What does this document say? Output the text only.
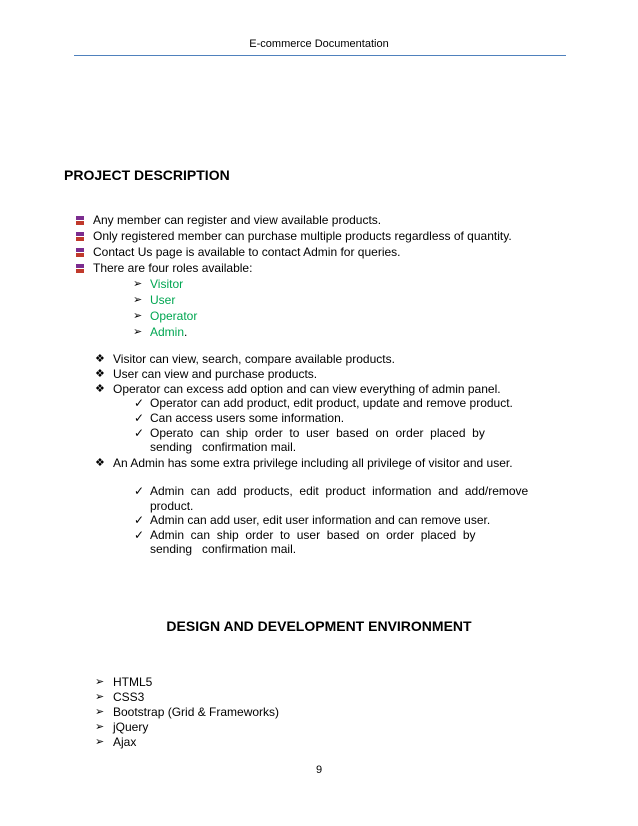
E-commerce Documentation
PROJECT DESCRIPTION
Any member can register and view available products.
Only registered member can purchase multiple products regardless of quantity.
Contact Us page is available to contact Admin for queries.
There are four roles available:
➢ Visitor
➢ User
➢ Operator
➢ Admin.
❖ Visitor can view, search, compare available products.
❖ User can view and purchase products.
❖ Operator can excess add option and can view everything of admin panel.
✓ Operator can add product, edit product, update and remove product.
✓ Can access users some information.
✓ Operato  can  ship  order  to  user  based  on  order  placed  by
sending   confirmation mail.
❖ An Admin has some extra privilege including all privilege of visitor and user.
✓ Admin  can  add  products,  edit  product  information  and  add/remove
product.
✓ Admin can add user, edit user information and can remove user.
✓ Admin  can  ship  order  to  user  based  on  order  placed  by
sending   confirmation mail.
DESIGN AND DEVELOPMENT ENVIRONMENT
➢ HTML5
➢ CSS3
➢ Bootstrap (Grid & Frameworks)
➢ jQuery
➢ Ajax
9
